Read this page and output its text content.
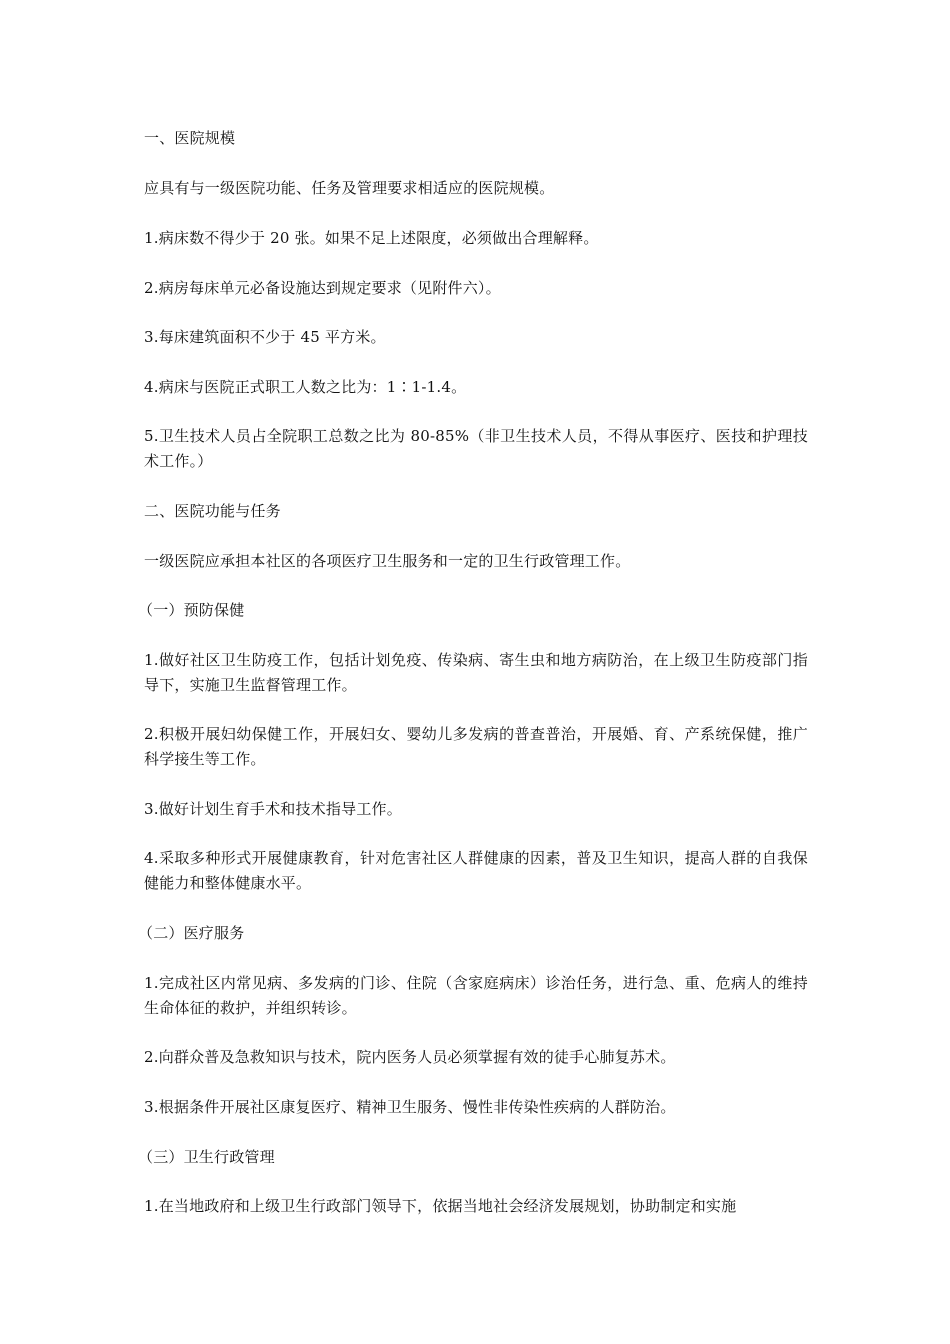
一、医院规模

应具有与一级医院功能、任务及管理要求相适应的医院规模。

1.病床数不得少于 20 张。如果不足上述限度，必须做出合理解释。

2.病房每床单元必备设施达到规定要求（见附件六）。

3.每床建筑面积不少于 45 平方米。

4.病床与医院正式职工人数之比为：1∶1-1.4。

5.卫生技术人员占全院职工总数之比为 80-85%（非卫生技术人员，不得从事医疗、医技和护理技术工作。）

二、医院功能与任务

一级医院应承担本社区的各项医疗卫生服务和一定的卫生行政管理工作。

（一）预防保健

1.做好社区卫生防疫工作，包括计划免疫、传染病、寄生虫和地方病防治，在上级卫生防疫部门指导下，实施卫生监督管理工作。

2.积极开展妇幼保健工作，开展妇女、婴幼儿多发病的普查普治，开展婚、育、产系统保健，推广科学接生等工作。

3.做好计划生育手术和技术指导工作。

4.采取多种形式开展健康教育，针对危害社区人群健康的因素，普及卫生知识，提高人群的自我保健能力和整体健康水平。

（二）医疗服务

1.完成社区内常见病、多发病的门诊、住院（含家庭病床）诊治任务，进行急、重、危病人的维持生命体征的救护，并组织转诊。

2.向群众普及急救知识与技术，院内医务人员必须掌握有效的徒手心肺复苏术。

3.根据条件开展社区康复医疗、精神卫生服务、慢性非传染性疾病的人群防治。

（三）卫生行政管理

1.在当地政府和上级卫生行政部门领导下，依据当地社会经济发展规划，协助制定和实施
